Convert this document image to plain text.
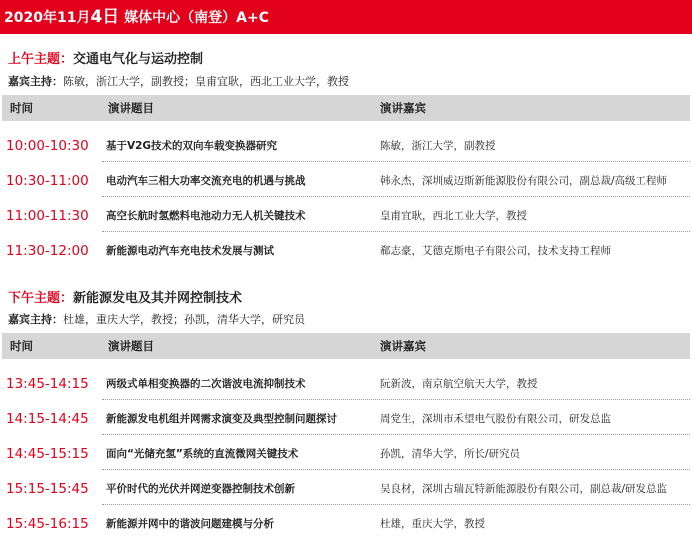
2020年11月4日 媒体中心（南登）A+C
上午主题：交通电气化与运动控制
嘉宾主持：陈敏，浙江大学，副教授；皇甫宜耿，西北工业大学，教授
时间	演讲题目	演讲嘉宾
10:00-10:30 基于V2G技术的双向车载变换器研究	陈敏，浙江大学，副教授
10:30-11:00 电动汽车三相大功率交流充电的机遇与挑战	韩永杰，深圳威迈斯新能源股份有限公司，副总裁/高级工程师
11:00-11:30 高空长航时氢燃料电池动力无人机关键技术	皇甫宜耿，西北工业大学，教授
11:30-12:00 新能源电动汽车充电技术发展与测试	郗志豪，艾德克斯电子有限公司，技术支持工程师
下午主题：新能源发电及其并网控制技术
嘉宾主持：杜雄，重庆大学，教授；孙凯，清华大学，研究员
时间	演讲题目	演讲嘉宾
13:45-14:15 两级式单相变换器的二次谐波电流抑制技术	阮新波，南京航空航天大学，教授
14:15-14:45 新能源发电机组并网需求演变及典型控制问题探讨	周党生，深圳市禾望电气股份有限公司，研发总监
14:45-15:15 面向“光储充氢”系统的直流微网关键技术	孙凯，清华大学，所长/研究员
15:15-15:45 平价时代的光伏并网逆变器控制技术创新	吴良材，深圳古瑞瓦特新能源股份有限公司，副总裁/研发总监
15:45-16:15 新能源并网中的谐波问题建模与分析	杜雄，重庆大学，教授
